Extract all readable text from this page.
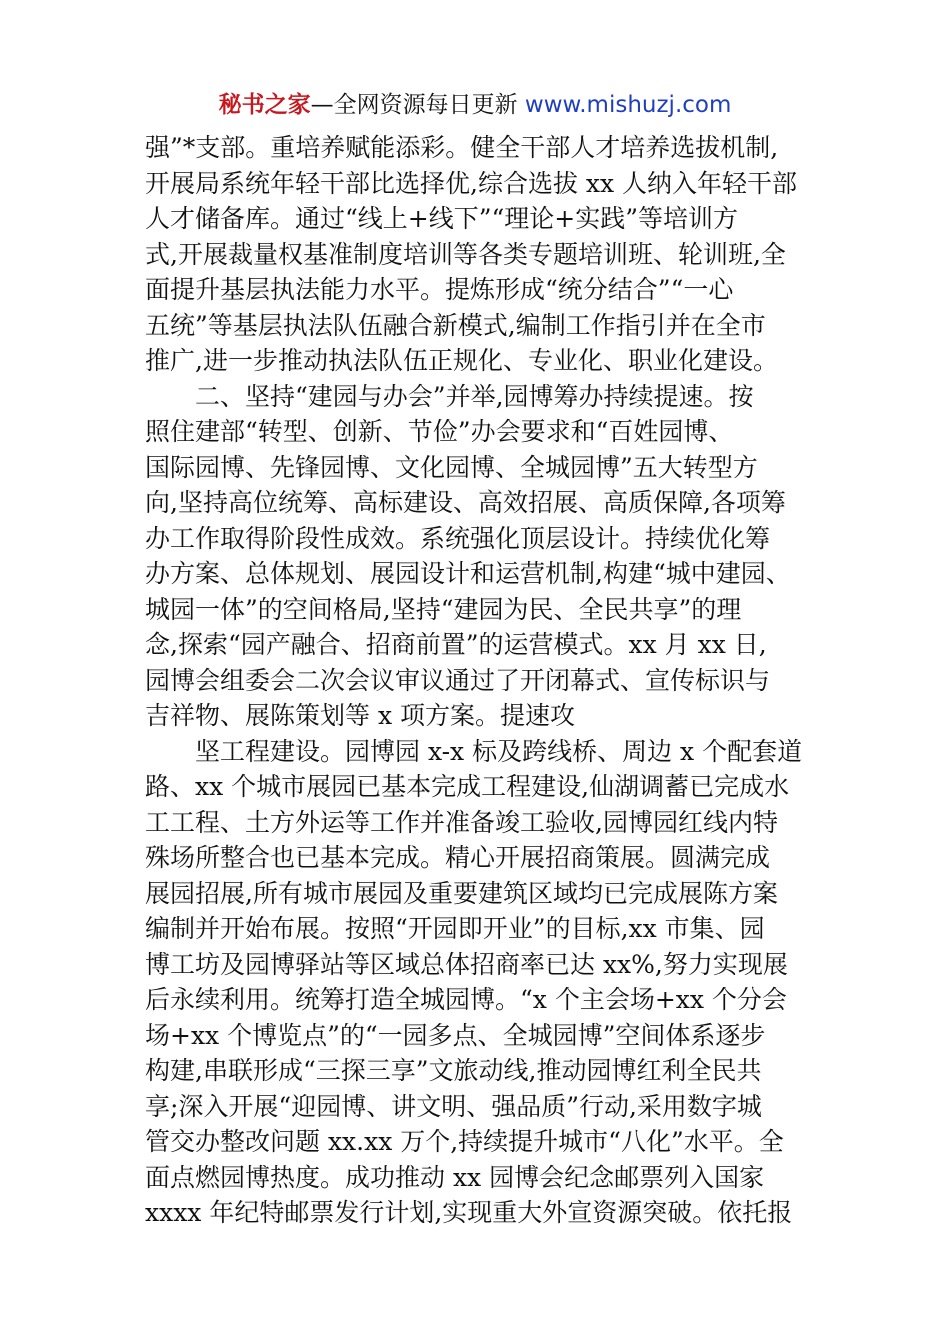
秘书之家—全网资源每日更新 www.mishuzj.com
强”*支部。重培养赋能添彩。健全干部人才培养选拔机制,
开展局系统年轻干部比选择优,综合选拔 xx 人纳入年轻干部
人才储备库。通过“线上+线下”“理论+实践”等培训方
式,开展裁量权基准制度培训等各类专题培训班、轮训班,全
面提升基层执法能力水平。提炼形成“统分结合”“一心
五统”等基层执法队伍融合新模式,编制工作指引并在全市
推广,进一步推动执法队伍正规化、专业化、职业化建设。
　　二、坚持“建园与办会”并举,园博筹办持续提速。按
照住建部“转型、创新、节俭”办会要求和“百姓园博、
国际园博、先锋园博、文化园博、全城园博”五大转型方
向,坚持高位统筹、高标建设、高效招展、高质保障,各项筹
办工作取得阶段性成效。系统强化顶层设计。持续优化筹
办方案、总体规划、展园设计和运营机制,构建“城中建园、
城园一体”的空间格局,坚持“建园为民、全民共享”的理
念,探索“园产融合、招商前置”的运营模式。xx 月 xx 日,
园博会组委会二次会议审议通过了开闭幕式、宣传标识与
吉祥物、展陈策划等 x 项方案。提速攻
　　坚工程建设。园博园 x-x 标及跨线桥、周边 x 个配套道
路、xx 个城市展园已基本完成工程建设,仙湖调蓄已完成水
工工程、土方外运等工作并准备竣工验收,园博园红线内特
殊场所整合也已基本完成。精心开展招商策展。圆满完成
展园招展,所有城市展园及重要建筑区域均已完成展陈方案
编制并开始布展。按照“开园即开业”的目标,xx 市集、园
博工坊及园博驿站等区域总体招商率已达 xx%,努力实现展
后永续利用。统筹打造全城园博。“x 个主会场+xx 个分会
场+xx 个博览点”的“一园多点、全城园博”空间体系逐步
构建,串联形成“三探三享”文旅动线,推动园博红利全民共
享;深入开展“迎园博、讲文明、强品质”行动,采用数字城
管交办整改问题 xx.xx 万个,持续提升城市“八化”水平。全
面点燃园博热度。成功推动 xx 园博会纪念邮票列入国家
xxxx 年纪特邮票发行计划,实现重大外宣资源突破。依托报
